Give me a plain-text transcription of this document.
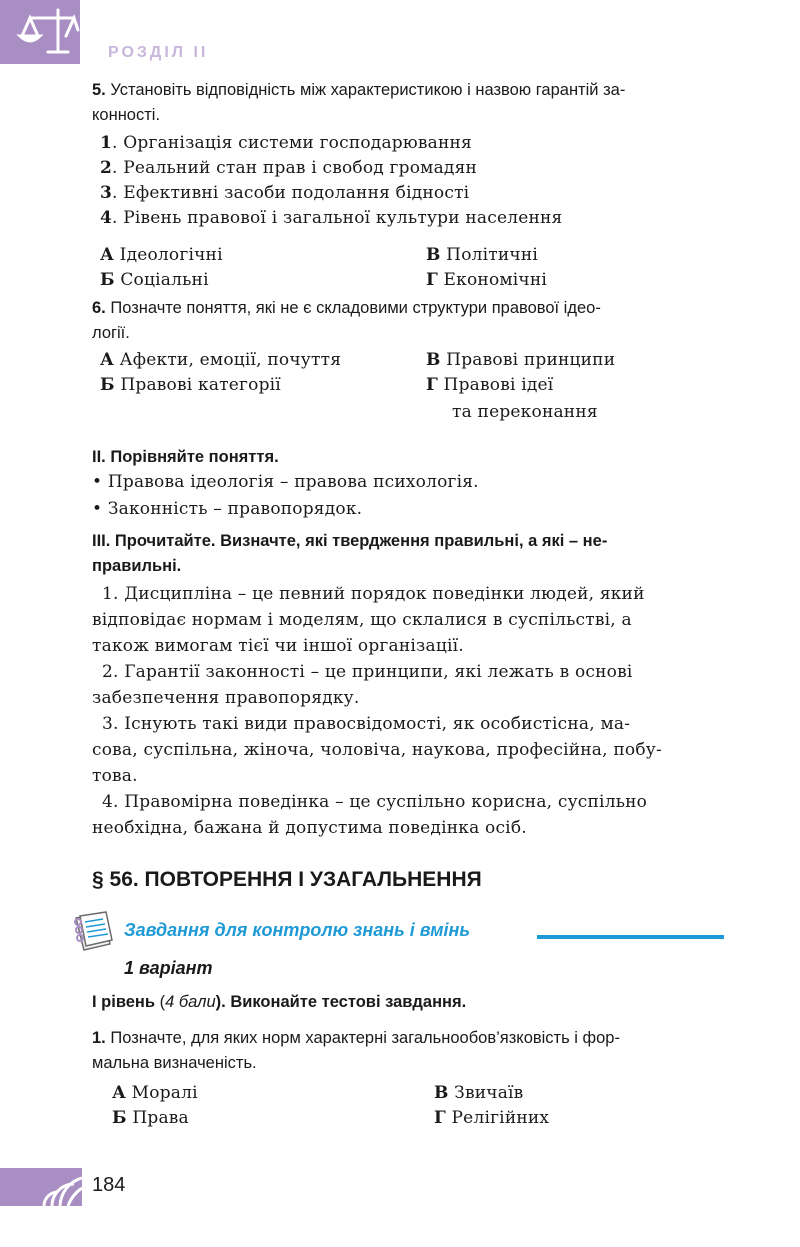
РОЗДІЛ II
5. Установіть відповідність між характеристикою і назвою гарантій за-
конності.
1. Організація системи господарювання
2. Реальний стан прав і свобод громадян
3. Ефективні засоби подолання бідності
4. Рівень правової і загальної культури населення
А Ідеологічні	В Політичні
Б Соціальні	Г Економічні
6. Позначте поняття, які не є складовими структури правової ідео-
логії.
А Афекти, емоції, почуття	В Правові принципи
Б Правові категорії	Г Правові ідеї
та переконання
II. Порівняйте поняття.
• Правова ідеологія – правова психологія.
• Законність – правопорядок.
III. Прочитайте. Визначте, які твердження правильні, а які – не-
правильні.
1. Дисципліна – це певний порядок поведінки людей, який
відповідає нормам і моделям, що склалися в суспільстві, а
також вимогам тієї чи іншої організації.
2. Гарантії законності – це принципи, які лежать в основі
забезпечення правопорядку.
3. Існують такі види правосвідомості, як особистісна, ма-
сова, суспільна, жіноча, чоловіча, наукова, професійна, побу-
това.
4. Правомірна поведінка – це суспільно корисна, суспільно
необхідна, бажана й допустима поведінка осіб.
§ 56. ПОВТОРЕННЯ І УЗАГАЛЬНЕННЯ
Завдання для контролю знань і вмінь
1 варіант
І рівень (4 бали). Виконайте тестові завдання.
1. Позначте, для яких норм характерні загальнообов’язковість і фор-
мальна визначеність.
А Моралі	В Звичаїв
Б Права	Г Релігійних
184
